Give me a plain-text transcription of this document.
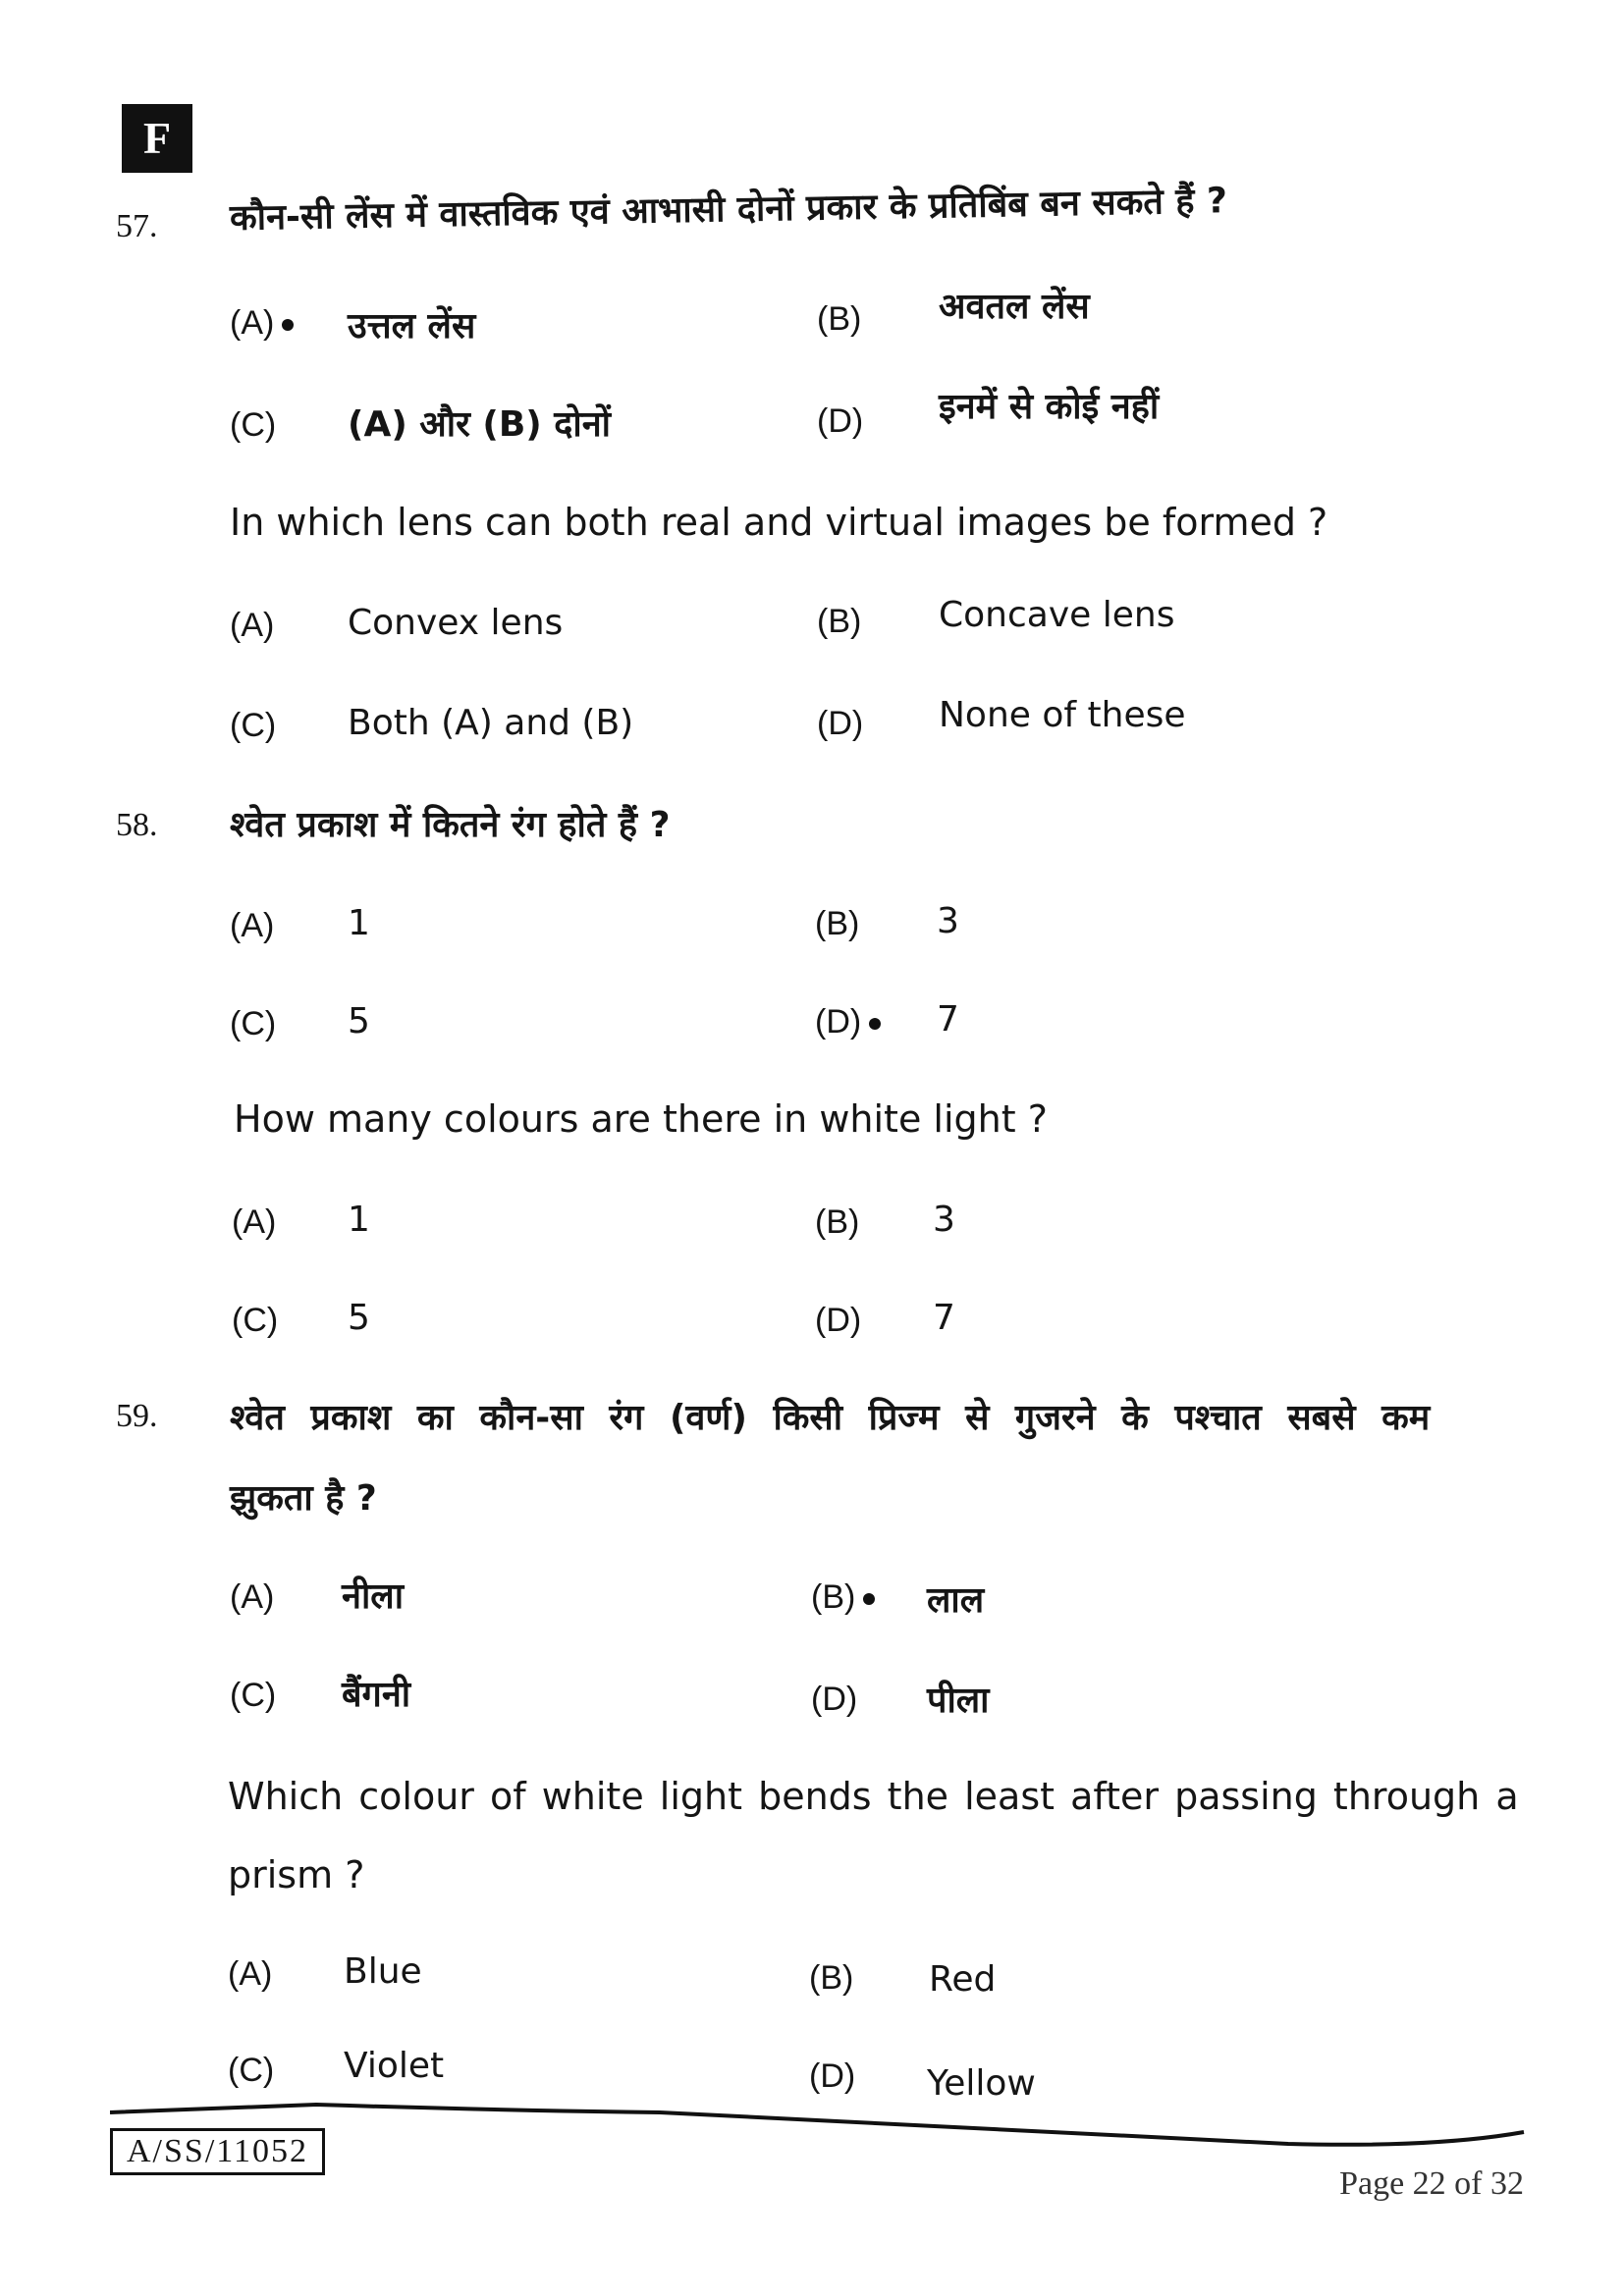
F
57. कौन-सी लेंस में वास्तविक एवं आभासी दोनों प्रकार के प्रतिबिंब बन सकते हैं ?
(A)	उत्तल लेंस	(B) अवतल लेंस
(C) (A) और (B) दोनों	(D) इनमें से कोई नहीं
In which lens can both real and virtual images be formed ?
(A) Convex lens	(B) Concave lens
(C) Both (A) and (B)	(D) None of these
58. श्वेत प्रकाश में कितने रंग होते हैं ?
(A) 1	(B) 3
(C) 5	(D)	7
How many colours are there in white light ?
(A) 1	(B) 3
(C) 5	(D) 7
59. श्वेत प्रकाश का कौन-सा रंग (वर्ण) किसी प्रिज्म से गुजरने के पश्चात सबसे कम
झुकता है ?
(A) नीला	(B)	लाल
(C) बैंगनी	(D) पीला
Which colour of white light bends the least after passing through a
prism ?
(A) Blue	(B) Red
(C) Violet	(D) Yellow
A/SS/11052
Page 22 of 32
